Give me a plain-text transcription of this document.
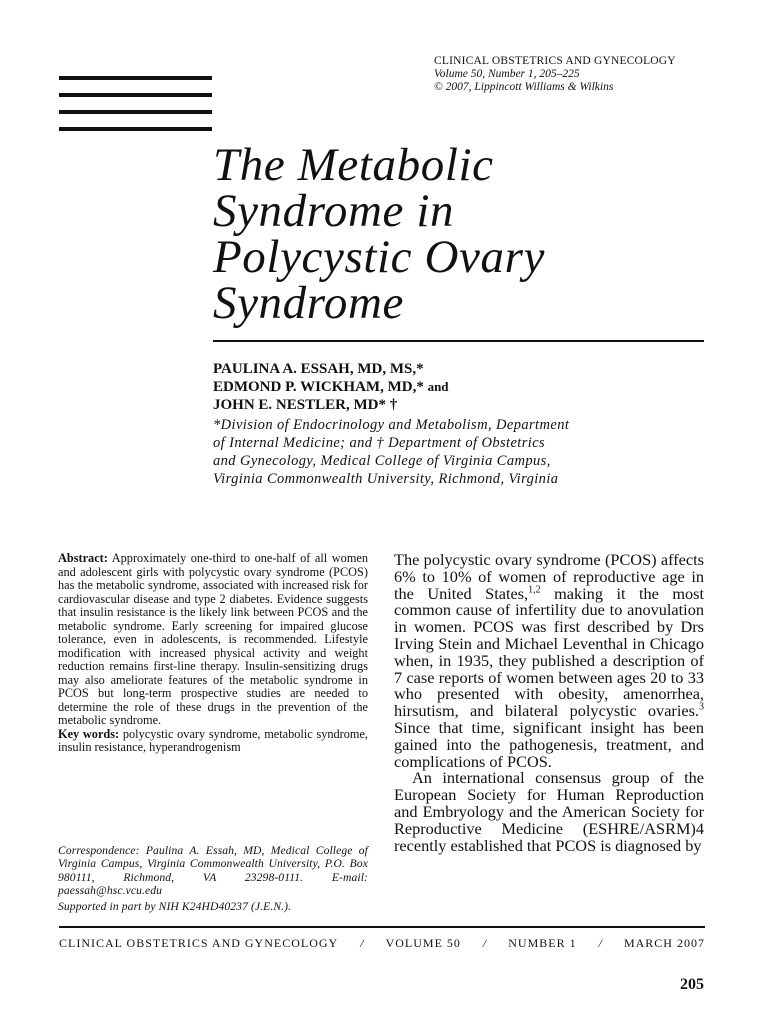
CLINICAL OBSTETRICS AND GYNECOLOGY
Volume 50, Number 1, 205–225
© 2007, Lippincott Williams & Wilkins
The Metabolic
Syndrome in
Polycystic Ovary
Syndrome
PAULINA A. ESSAH, MD, MS,*
EDMOND P. WICKHAM, MD,* and
JOHN E. NESTLER, MD* †
*Division of Endocrinology and Metabolism, Department
of Internal Medicine; and † Department of Obstetrics
and Gynecology, Medical College of Virginia Campus,
Virginia Commonwealth University, Richmond, Virginia

Abstract: Approximately one-third to one-half of all women and adolescent girls with polycystic ovary syndrome (PCOS) has the metabolic syndrome, associated with increased risk for cardiovascular disease and type 2 diabetes. Evidence suggests that insulin resistance is the likely link between PCOS and the metabolic syndrome. Early screening for impaired glucose tolerance, even in adolescents, is recommended. Lifestyle modification with increased physical activity and weight reduction remains first-line therapy. Insulin-sensitizing drugs may also ameliorate features of the metabolic syndrome in PCOS but long-term prospective studies are needed to determine the role of these drugs in the prevention of the metabolic syndrome.

Key words: polycystic ovary syndrome, metabolic syndrome, insulin resistance, hyperandrogenism

Correspondence: Paulina A. Essah, MD, Medical College of Virginia Campus, Virginia Commonwealth University, P.O. Box 980111, Richmond, VA 23298-0111. E-mail: paessah@hsc.vcu.edu

Supported in part by NIH K24HD40237 (J.E.N.).

The polycystic ovary syndrome (PCOS) affects 6% to 10% of women of reproductive age in the United States,$^{1,2}$ making it the most common cause of infertility due to anovulation in women. PCOS was first described by Drs Irving Stein and Michael Leventhal in Chicago when, in 1935, they published a description of 7 case reports of women between ages 20 to 33 who presented with obesity, amenorrhea, hirsutism, and bilateral polycystic ovaries.$^3$ Since that time, significant insight has been gained into the pathogenesis, treatment, and complications of PCOS.

An international consensus group of the European Society for Human Reproduction and Embryology and the American Society for Reproductive Medicine (ESHRE/ASRM)4 recently established that PCOS is diagnosed by

CLINICAL OBSTETRICS AND GYNECOLOGY / VOLUME 50 / NUMBER 1 / MARCH 2007
205
